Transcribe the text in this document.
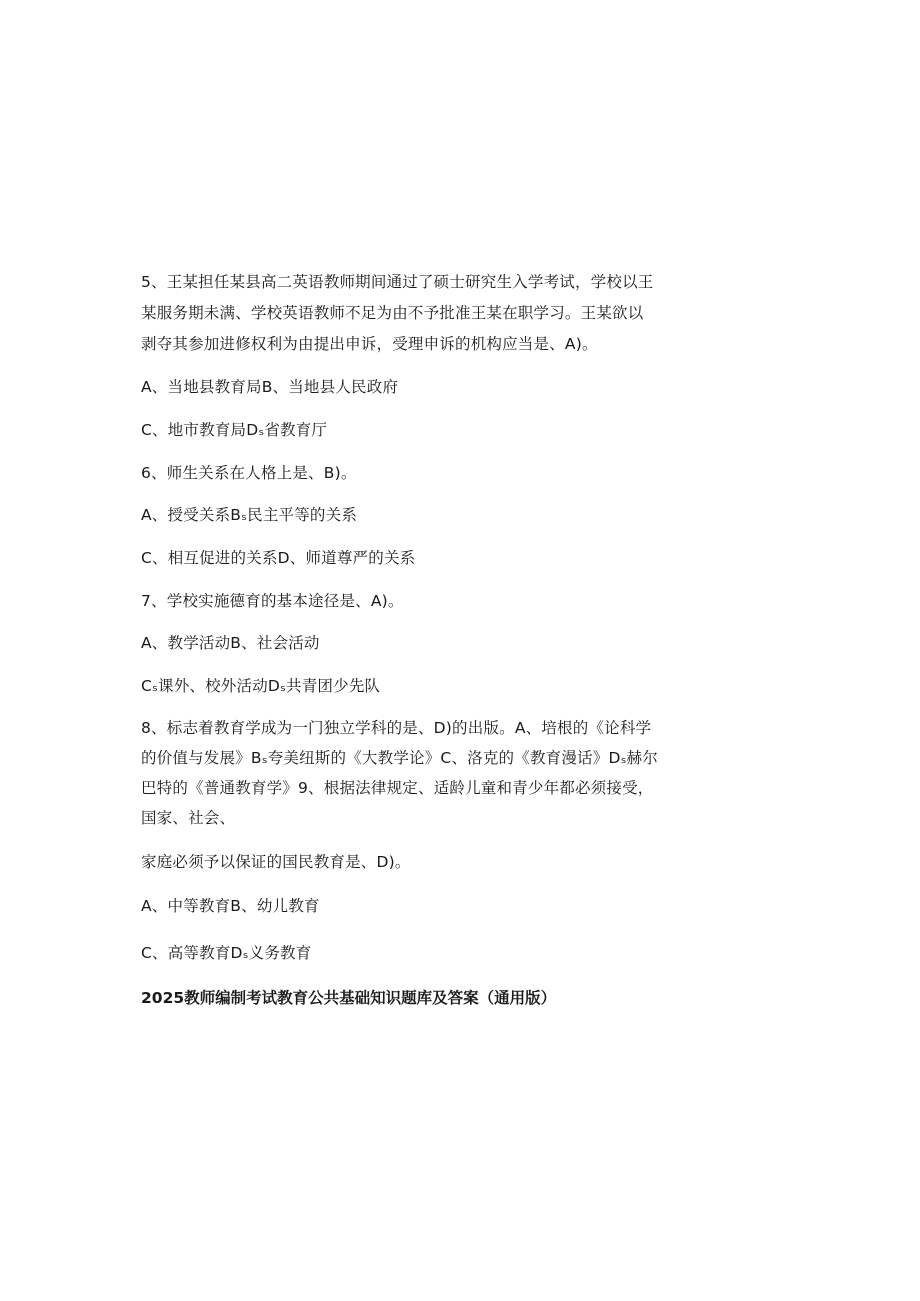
5、王某担任某县高二英语教师期间通过了硕士研究生入学考试，学校以王
某服务期未满、学校英语教师不足为由不予批准王某在职学习。王某欲以
剥夺其参加进修权利为由提出申诉，受理申诉的机构应当是、A)。
A、当地县教育局B、当地县人民政府
C、地市教育局Dₛ省教育厅
6、师生关系在人格上是、B)。
A、授受关系Bₛ民主平等的关系
C、相互促进的关系D、师道尊严的关系
7、学校实施德育的基本途径是、A)。
A、教学活动B、社会活动
Cₛ课外、校外活动Dₛ共青团少先队
8、标志着教育学成为一门独立学科的是、D)的出版。A、培根的《论科学
的价值与发展》Bₛ夸美纽斯的《大教学论》C、洛克的《教育漫话》Dₛ赫尔
巴特的《普通教育学》9、根据法律规定、适龄儿童和青少年都必须接受，
国家、社会、
家庭必须予以保证的国民教育是、D)。
A、中等教育B、幼儿教育
C、高等教育Dₛ义务教育
2025教师编制考试教育公共基础知识题库及答案（通用版）
